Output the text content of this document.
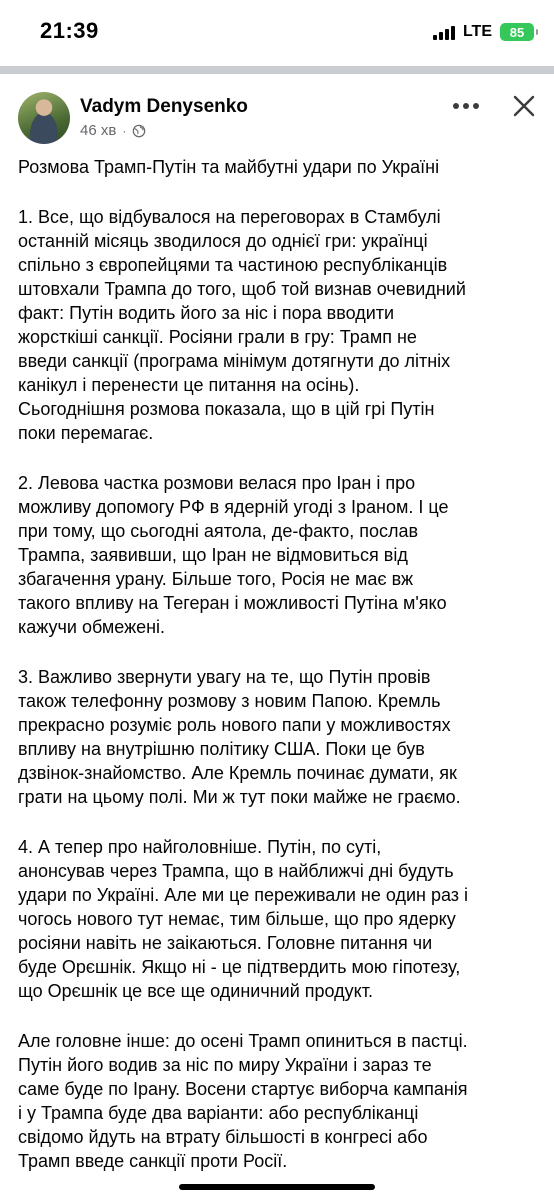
21:39	LTE 85
Vadym Denysenko
46 хв ·

Розмова Трамп-Путін та майбутні удари по Україні

1. Все, що відбувалося на переговорах в Стамбулі
останній місяць зводилося до однієї гри: українці
спільно з європейцями та частиною республіканців
штовхали Трампа до того, щоб той визнав очевидний
факт: Путін водить його за ніс і пора вводити
жорсткіші санкції. Росіяни грали в гру: Трамп не
введи санкції (програма мінімум дотягнути до літніх
канікул і перенести це питання на осінь).
Сьогоднішня розмова показала, що в цій грі Путін
поки перемагає.

2. Левова частка розмови велася про Іран і про
можливу допомогу РФ в ядерній угоді з Іраном. І це
при тому, що сьогодні аятола, де-факто, послав
Трампа, заявивши, що Іран не відмовиться від
збагачення урану. Більше того, Росія не має вж
такого впливу на Тегеран і можливості Путіна м'яко
кажучи обмежені.

3. Важливо звернути увагу на те, що Путін провів
також телефонну розмову з новим Папою. Кремль
прекрасно розуміє роль нового папи у можливостях
впливу на внутрішню політику США. Поки це був
дзвінок-знайомство. Але Кремль починає думати, як
грати на цьому полі. Ми ж тут поки майже не граємо.

4. А тепер про найголовніше. Путін, по суті,
анонсував через Трампа, що в найближчі дні будуть
удари по Україні. Але ми це переживали не один раз і
чогось нового тут немає, тим більше, що про ядерку
росіяни навіть не заікаються. Головне питання чи
буде Орєшнік. Якщо ні - це підтвердить мою гіпотезу,
що Орєшнік це все ще одиничний продукт.

Але головне інше: до осені Трамп опиниться в пастці.
Путін його водив за ніс по миру України і зараз те
саме буде по Ірану. Восени стартує виборча кампанія
і у Трампа буде два варіанти: або республіканці
свідомо йдуть на втрату більшості в конгресі або
Трамп введе санкції проти Росії.
